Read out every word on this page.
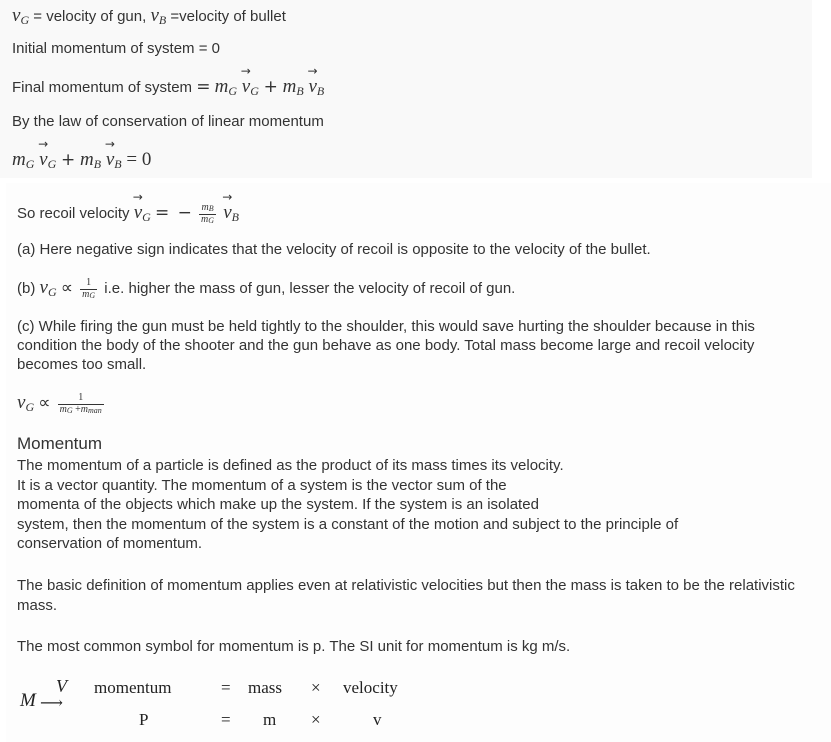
$v_G$ = velocity of gun, $v_B$ =velocity of bullet
Initial momentum of system = 0
Final momentum of system = $m_G$
→
$v_G + m_B$
→
$v_B$
By the law of conservation of linear momentum
$m_G$
→
$v_G + m_B$
→
$v_B = 0$
So recoil velocity
→
$v_G$ = − $\frac{m_B}{m_G}$

→
$v_B$
(a) Here negative sign indicates that the velocity of recoil is opposite to the velocity of the bullet.
(b) $v_G \propto \frac{1}{m_G} i.e$. higher the mass of gun, lesser the velocity of recoil of gun.
(c) While firing the gun must be held tightly to the shoulder, this would save hurting the shoulder because in this condition the body of the shooter and the gun behave as one body. Total mass become large and recoil velocity becomes too small.
$v_G \propto \frac{1}{m_G +m_{man}}$
Momentum
The momentum of a particle is defined as the product of its mass times its velocity.
It is a vector quantity. The momentum of a system is the vector sum of the
momenta of the objects which make up the system. If the system is an isolated
system, then the momentum of the system is a constant of the motion and subject to the principle of
conservation of momentum.
The basic definition of momentum applies even at relativistic velocities but then the mass is taken to be the relativistic mass.
The most common symbol for momentum is p. The SI unit for momentum is kg m/s.
M
V
⟶
momentum	= mass × velocity
P	= m ×	v
